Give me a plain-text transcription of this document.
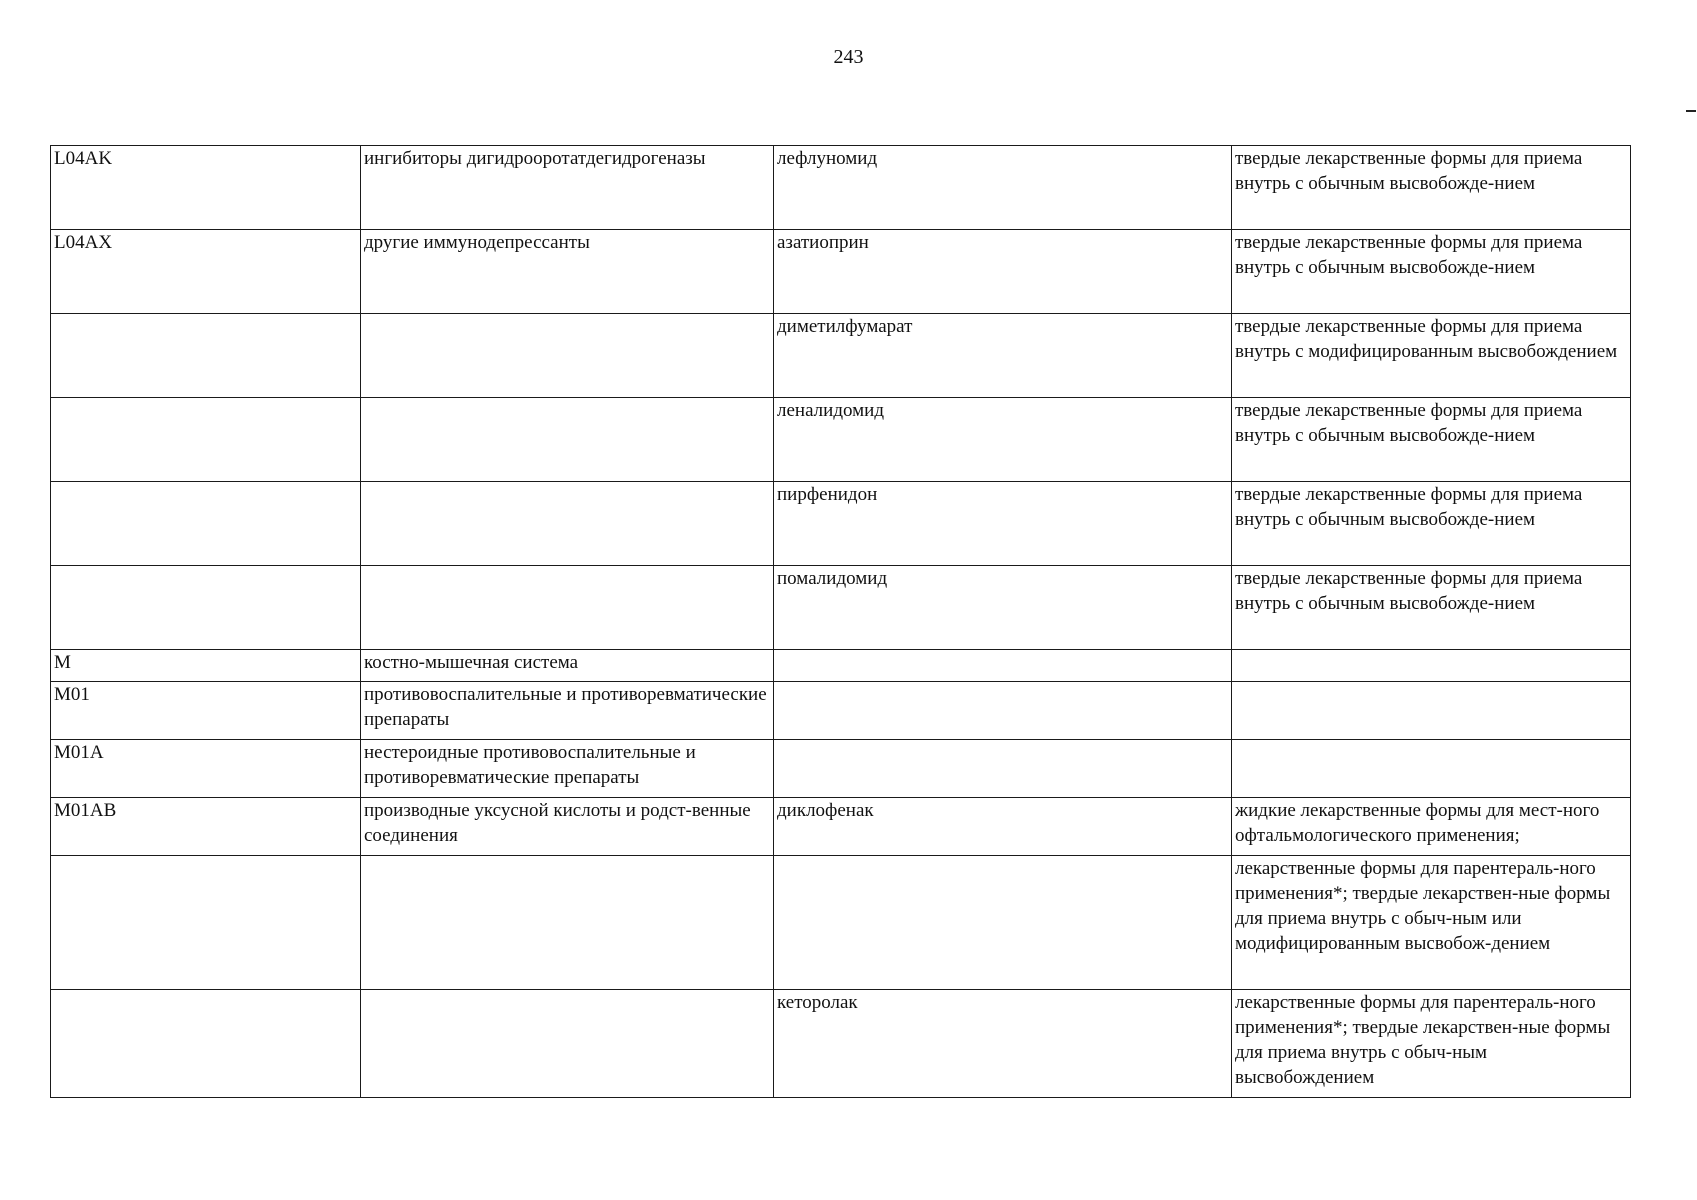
243
L04AK	ингибиторы дигидрооротатдегидрогеназы	лефлуномид	твердые лекарственные формы для приема внутрь с обычным высвобожде-нием
L04AX	другие иммунодепрессанты	азатиоприн	твердые лекарственные формы для приема внутрь с обычным высвобожде-нием
		диметилфумарат	твердые лекарственные формы для приема внутрь с модифицированным высвобождением
		леналидомид	твердые лекарственные формы для приема внутрь с обычным высвобожде-нием
		пирфенидон	твердые лекарственные формы для приема внутрь с обычным высвобожде-нием
		помалидомид	твердые лекарственные формы для приема внутрь с обычным высвобожде-нием
M	костно-мышечная система		
M01	противовоспалительные и противоревматические препараты		
M01A	нестероидные противовоспалительные и противоревматические препараты		
M01AB	производные уксусной кислоты и родст-венные соединения	диклофенак	жидкие лекарственные формы для мест-ного офтальмологического применения;
			лекарственные формы для парентераль-ного применения*; твердые лекарствен-ные формы для приема внутрь с обыч-ным или модифицированным высвобож-дением
		кеторолак	лекарственные формы для парентераль-ного применения*; твердые лекарствен-ные формы для приема внутрь с обыч-ным высвобождением
